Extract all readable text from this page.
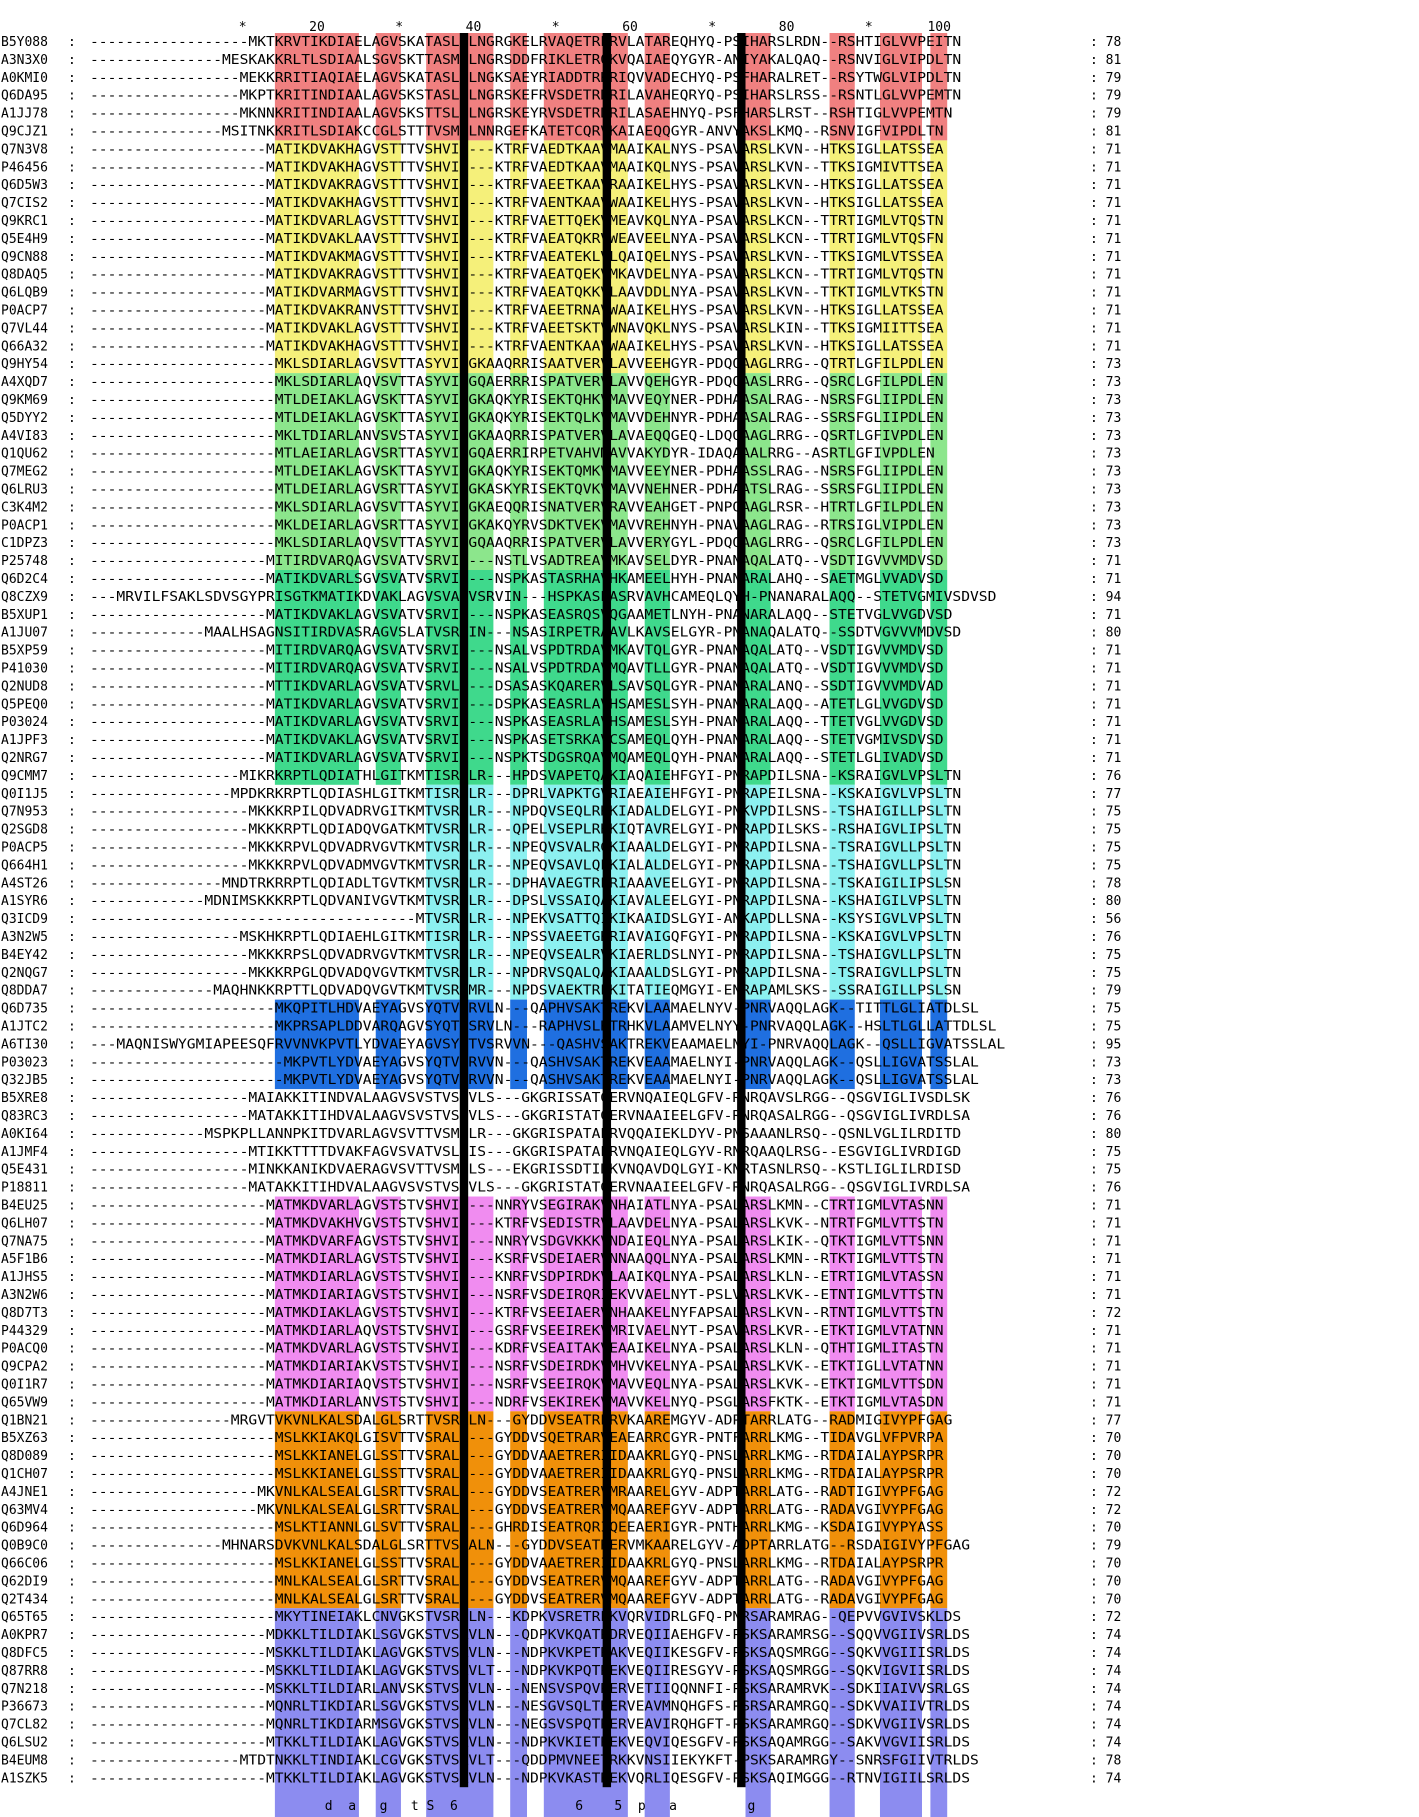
*        20         *        40         *        60         *        80         *       100
B5Y088 : ------------------MKTKRVTIKDIAELAGVSKATASLVLNGRGKELRVAQETRERVLATAREQHYQ-PSIHARSLRDN--RSHTIGLVVPEITN	: 78
A3N3X0 : ---------------MESKAKKRLTLSDIAALSGVSKTTASMILNGRSDDFRIKLETRQKVQAIAEQYGYR-ANIYAKALQAQ--RSNVIGLVIPDLTN	: 81
A0KMI0 : -----------------MEKKRRITIAQIAELAGVSKATASLVLNGKSAEYRIADDTRKRIQVVADECHYQ-PSFHARALRET--RSYTWGLVIPDLTN	: 79
Q6DA95 : -----------------MKPTKRITINDIAALAGVSKSTASLVLNGRSKEFRVSDETRDRILAVAHEQRYQ-PSIHARSLRSS--RSNTLGLVVPEMTN	: 79
A1JJ78 : -----------------MKNNKRITINDIAALAGVSKSTTSLVLNGRSKEYRVSDETRDRILASAEHNYQ-PSFHARSLRST--RSHTIGLVVPEMTN	: 79
Q9CJZ1 : ---------------MSITNKKRITLSDIAKCCGLSTTTVSMILNNRGEFKATETCQRVKAIAEQQGYR-ANVYAKSLKMQ--RSNVIGFVIPDLTN	: 81
Q7N3V8 : --------------------MATIKDVAKHAGVSTTTVSHVIN---KTRFVAEDTKAAVMAAIKALNYS-PSAVARSLKVN--HTKSIGLLATSSEA	: 71
P46456 : --------------------MATIKDVAKHAGVSTTTVSHVIN---KTRFVAEDTKAAVMAAIKQLNYS-PSAVARSLKVN--TTKSIGMIVTTSEA	: 71
Q6D5W3 : --------------------MATIKDVAKRAGVSTTTVSHVIN---KTRFVAEETKAAVRAAIKELHYS-PSAVARSLKVN--HTKSIGLLATSSEA	: 71
Q7CIS2 : --------------------MATIKDVAKHAGVSTTTVSHVIN---KTRFVAENTKAAVWAAIKELHYS-PSAVARSLKVN--HTKSIGLLATSSEA	: 71
Q9KRC1 : --------------------MATIKDVARLAGVSTTTVSHVIN---KTRFVAETTQEKVMEAVKQLNYA-PSAVARSLKCN--TTRTIGMLVTQSTN	: 71
Q5E4H9 : --------------------MATIKDVAKLAAVSTTTVSHVIN---KTRFVAEATQKRVWEAVEELNYA-PSAVARSLKCN--TTRTIGMLVTQSFN	: 71
Q9CN88 : --------------------MATIKDVAKMAGVSTTTVSHVIN---KTRFVAEATEKLVLQAIQELNYS-PSAVARSLKVN--TTKSIGMLVTSSEA	: 71
Q8DAQ5 : --------------------MATIKDVAKRAGVSTTTVSHVIN---KTRFVAEATQEKVMKAVDELNYA-PSAVARSLKCN--TTRTIGMLVTQSTN	: 71
Q6LQB9 : --------------------MATIKDVARMAGVSTTTVSHVIN---KTRFVAEATQKKVLAAVDDLNYA-PSAVARSLKVN--TTKTIGMLVTKSTN	: 71
P0ACP7 : --------------------MATIKDVAKRANVSTTTVSHVIN---KTRFVAEETRNAVWAAIKELHYS-PSAVARSLKVN--HTKSIGLLATSSEA	: 71
Q7VL44 : --------------------MATIKDVAKLAGVSTTTVSHVIN---KTRFVAEETSKTVWNAVQKLNYS-PSAVARSLKIN--TTKSIGMIITTSEA	: 71
Q66A32 : --------------------MATIKDVAKHAGVSTTTVSHVIN---KTRFVAENTKAAVWAAIKELHYS-PSAVARSLKVN--HTKSIGLLATSSEA	: 71
Q9HY54 : ---------------------MKLSDIARLAGVSVTTASYVINGKAAQRRISAATVERVLAVVEEHGYR-PDQQAAGLRRG--QTRTLGFILPDLEN	: 73
A4XQD7 : ---------------------MKLSDIARLAQVSVTTASYVINGQAERRRISPATVERVLAVVQEHGYR-PDQQAASLRRG--QSRCLGFILPDLEN	: 73
Q9KM69 : ---------------------MTLDEIAKLAGVSKTTASYVINGKAQKYRISEKTQHKVMAVVEQYNER-PDHAASALRAG--NSRSFGLIIPDLEN	: 73
Q5DYY2 : ---------------------MTLDEIAKLAGVSKTTASYVINGKAQKYRISEKTQLKVMAVVDEHNYR-PDHAASALRAG--SSRSFGLIIPDLEN	: 73
A4VI83 : ---------------------MKLTDIARLANVSVSTASYVINGKAAQRRISPATVERVLAVAEQQGEQ-LDQQAAGLRRG--QSRTLGFIVPDLEN	: 73
Q1QU62 : ---------------------MTLAEIARLAGVSRTTASYVINGQAERRIRPETVAHVMAVVAKYDYR-IDAQAAALRRG--ASRTLGFIVPDLEN	: 73
Q7MEG2 : ---------------------MTLDEIAKLAGVSKTTASYVINGKAQKYRISEKTQMKVMAVVEEYNER-PDHAASSLRAG--NSRSFGLIIPDLEN	: 73
Q6LRU3 : ---------------------MTLDEIARLAGVSRTTASYVINGKASKYRISEKTQVKVMAVVNEHNER-PDHAATSLRAG--SSRSFGLIIPDLEN	: 73
C3K4M2 : ---------------------MKLSDIARLAGVSVTTASYVINGKAEQQRISNATVERVRAVVEAHGET-PNPQAAGLRSR--HTRTLGFILPDLEN	: 73
P0ACP1 : ---------------------MKLDEIARLAGVSRTTASYVINGKAKQYRVSDKTVEKVMAVVREHNYH-PNAVAAGLRAG--RTRSIGLVIPDLEN	: 73
C1DPZ3 : ---------------------MKLSDIARLAQVSVTTASYVINGQAAQRRISPATVERVLAVVERYGYL-PDQQAAGLRRG--QSRCLGFILPDLEN	: 73
P25748 : --------------------MITIRDVARQAGVSVATVSRVIN---NSTLVSADTREAVMKAVSELDYR-PNANAQALATQ--VSDTIGVVVMDVSD	: 71
Q6D2C4 : --------------------MATIKDVARLSGVSVATVSRVIN---NSPKASTASRHAVHKAMEELHYH-PNANARALAHQ--SAETMGLVVADVSD	: 71
Q8CZX9 : ---MRVILFSAKLSDVSGYPRISGTKMATIKDVAKLAGVSVATVSRVIN---HSPKASEASRVAVHCAMEQLQYH-PNANARALAQQ--STETVGMIVSDVSD	: 94
B5XUP1 : --------------------MATIKDVAKLAGVSVATVSRVIN---NSPKASEASRQSVQGAAMETLNYH-PNANARALAQQ--STETVGLVVGDVSD	: 71
A1JU07 : -------------MAALHSAGNSITIRDVASRAGVSLATVSRVIN---NSASIRPETRAAVLKAVSELGYR-PNANAQALATQ--SSDTVGVVVMDVSD	: 80
B5XP59 : --------------------MITIRDVARQAGVSVATVSRVIN---NSALVSPDTRDAVMKAVTQLGYR-PNANAQALATQ--VSDTIGVVVMDVSD	: 71
P41030 : --------------------MITIRDVARQAGVSVATVSRVIN---NSALVSPDTRDAVMQAVTLLGYR-PNANAQALATQ--VSDTIGVVVMDVSD	: 71
Q2NUD8 : --------------------MTTIKDVARLAGVSVATVSRVLS---DSASASKQARERVLSAVSQLGYR-PNANARALANQ--SSDTIGVVVMDVAD	: 71
Q5PEQ0 : --------------------MATIKDVARLAGVSVATVSRVIN---DSPKASEASRLAVHSAMESLSYH-PNANARALAQQ--ATETLGLVVGDVSD	: 71
P03024 : --------------------MATIKDVARLAGVSVATVSRVIN---NSPKASEASRLAVHSAMESLSYH-PNANARALAQQ--TTETVGLVVGDVSD	: 71
A1JPF3 : --------------------MATIKDVAKLAGVSVATVSRVIN---NSPKASETSRKAVCSAMEQLQYH-PNANARALAQQ--STETVGMIVSDVSD	: 71
Q2NRG7 : --------------------MATIKDVARLAGVSVATVSRVIN---NSPKTSDGSRQAVMQAMEQLQYH-PNANARALAQQ--STETLGLIVADVSD	: 71
Q9CMM7 : -----------------MIKRKRPTLQDIATHLGITKMTISRYLR---HPDSVAPETQAKIAQAIEHFGYI-PNRAPDILSNA--KSRAIGVLVPSLTN	: 76
Q0I1J5 : ----------------MPDKRKRPTLQDIASHLGITKMTISRYLR---DPRLVAPKTGVRIAEAIEHFGYI-PNRAPEILSNA--KSKAIGVLVPSLTN	: 77
Q7N953 : ------------------MKKKRPILQDVADRVGITKMTVSRYLR---NPDQVSEQLRKKIADALDELGYI-PNKVPDILSNS--TSHAIGILLPSLTN	: 75
Q2SGD8 : ------------------MKKKRPTLQDIADQVGATKMTVSRCLR---QPELVSEPLRHKIQTAVRELGYI-PNRAPDILSKS--RSHAIGVLIPSLTN	: 75
P0ACP5 : ------------------MKKKRPVLQDVADRVGVTKMTVSRFLR---NPEQVSVALRGKIAAALDELGYI-PNRAPDILSNA--TSRAIGVLLPSLTN	: 75
Q664H1 : ------------------MKKKRPVLQDVADMVGVTKMTVSRYLR---NPEQVSAVLQEKIALALDELGYI-PNRAPDILSNA--TSHAIGVLLPSLTN	: 75
A4ST26 : ---------------MNDTRKRRPTLQDIADLTGVTKMTVSRYLR---DPHAVAEGTRERIAAAVEELGYI-PNRAPDILSNA--TSKAIGILIPSLSN	: 78
A1SYR6 : -------------MDNIMSKKKRPTLQDVANIVGVTKMTVSRYLR---DPSLVSSAIQAKIAVALEELGYI-PNRAPDILSNA--KSHAIGILVPSLTN	: 80
Q3ICD9 : -------------------------------------MTVSRYLR---NPEKVSATTQIKIKAAIDSLGYI-ANKAPDLLSNA--KSYSIGVLVPSLTN	: 56
A3N2W5 : -----------------MSKHKRPTLQDIAEHLGITKMTISRYLR---NPSSVAEETGKRIAVAIGQFGYI-PNRAPDILSNA--KSKAIGVLVPSLTN	: 76
B4EY42 : ------------------MKKKRPSLQDVADRVGVTKMTVSRFLR---NPEQVSEALRVKIAERLDSLNYI-PNRAPDILSNA--TSHAIGVLLPSLTN	: 75
Q2NQG7 : ------------------MKKKRPGLQDVADQVGVTKMTVSRYLR---NPDRVSQALQAKIAAALDSLGYI-PNRAPDILSNA--TSRAIGVLLPSLTN	: 75
Q8DDA7 : --------------MAQHNKKRPTTLQDVADQVGVTKMTVSRYMR---NPDSVAEKTREKITATIEQMGYI-ENRAPAMLSKS--SSRAIGILLPSLSN	: 79
Q6D735 : ---------------------MKQPITLHDVAEYAGVSYQTVSRVLN---QAPHVSAKTREKVLAAMAELNYV-PNRVAQQLAGK--TITTLGLIATDLSL	: 75
A1JTC2 : ---------------------MKPRSAPLDDVARQAGVSYQTVSRVLN---RAPHVSLKTRHKVLAAMVELNYY-PNRVAQQLAGK--HSLTLGLLATTDLSL	: 75
A6TI30 : ---MAQNISWYGMIAPEESQFRVVNVKPVTLYDVAEYAGVSYQTVSRVVN---QASHVSAKTREKVEAAMAELNYI-PNRVAQQLAGK--QSLLIGVATSSLAL	: 95
P03023 : ----------------------MKPVTLYDVAEYAGVSYQTVSRVVN---QASHVSAKTREKVEAAMAELNYI-PNRVAQQLAGK--QSLLIGVATSSLAL	: 73
Q32JB5 : ----------------------MKPVTLYDVAEYAGVSYQTVSRVVN---QASHVSAKTREKVEAAMAELNYI-PNRVAQQLAGK--QSLLIGVATSSLAL	: 73
B5XRE8 : ------------------MAIAKKITINDVALAAGVSVSTVSLVLS---GKGRISSATGERVNQAIEQLGFV-RNRQAVSLRGG--QSGVIGLIVSDLSK	: 76
Q83RC3 : ------------------MATAKKITIHDVALAAGVSVSTVSLVLS---GKGRISTATGERVNAAIEELGFV-RNRQASALRGG--QSGVIGLIVRDLSA	: 76
A0KI64 : -------------MSPKPLLANNPKITDVARLAGVSVTTVSMVLR---GKGRISPATAERVQQAIEKLDYV-PNSAAANLRSQ--QSNLVGLILRDITD	: 80
A1JMF4 : ------------------MTIKKTTTTDVAKFAGVSVATVSLAIS---GKGRISPATAERVNQAIEQLGYV-RNRQAAQLRSG--ESGVIGLIVRDIGD	: 75
Q5E431 : ------------------MINKKANIKDVAERAGVSVTTVSMVLS---EKGRISSDTIDKVNQAVDQLGYI-KNRTASNLRSQ--KSTLIGLILRDISD	: 75
P18811 : ------------------MATAKKITIHDVALAAGVSVSTVSLVLS---GKGRISTATGERVNAAIEELGFV-RNRQASALRGG--QSGVIGLIVRDLSA	: 76
B4EU25 : --------------------MATMKDVARLAGVSTSTVSHVIN---NNRYVSEGIRAKVNHAIATLNYA-PSALARSLKMN--CTRTIGMLVTASNN	: 71
Q6LH07 : --------------------MATMKDVAKHVGVSTSTVSHVIN---KTRFVSEDISTRVLAAVDELNYA-PSALARSLKVK--NTRTFGMLVTTSTN	: 71
Q7NA75 : --------------------MATMKDVARFAGVSTSTVSHVIN---NNRYVSDGVKKKVNDAIEQLNYA-PSALARSLKIK--QTKTIGMLVTTSNN	: 71
A5F1B6 : --------------------MATMKDIARLAGVSTSTVSHVIN---KSRFVSDEIAERVNNAAQQLNYA-PSALARSLKMN--RTKTIGMLVTTSTN	: 71
A1JHS5 : --------------------MATMKDIARLAGVSTSTVSHVIN---KNRFVSDPIRDKVLAAIKQLNYA-PSALARSLKLN--ETRTIGMLVTASSN	: 71
A3N2W6 : --------------------MATMKDIARIAGVSTSTVSHVIN---NSRFVSDEIRQRIEKVVAELNYT-PSLVARSLKVK--ETNTIGMLVTTSTN	: 71
Q8D7T3 : --------------------MATMKDIAKLAGVSTSTVSHVIN---KTRFVSEEIAERVNHAAKELNYFAPSALARSLKVN--RTNTIGMLVTTSTN	: 72
P44329 : --------------------MATMKDIARLAQVSTSTVSHVIN---GSRFVSEEIREKVMRIVAELNYT-PSAVARSLKVR--ETKTIGMLVTATNN	: 71
P0ACQ0 : --------------------MATMKDVARLAGVSTSTVSHVIN---KDRFVSEAITAKVEAAIKELNYA-PSALARSLKLN--QTHTIGMLITASTN	: 71
Q9CPA2 : --------------------MATMKDIARIAKVSTSTVSHVIN---NSRFVSDEIRDKVMHVVKELNYA-PSALARSLKVK--ETKTIGLLVTATNN	: 71
Q0I1R7 : --------------------MATMKDIARIAQVSTSTVSHVIN---NSRFVSEEIRQKVMAVVEQLNYA-PSALARSLKVK--ETKTIGMLVTTSDN	: 71
Q65VW9 : --------------------MATMKDIARLANVSTSTVSHVIN---NDRFVSEKIREKVMAVVKELNYQ-PSGLARSFKTK--ETKTIGMLVTASDN	: 71
Q1BN21 : ----------------MRGVTVKVNLKALSDALGLSRTTVSRALN---GYDDVSEATRERVKAAREMGYV-ADPTARRLATG--RADMIGIVYPFGAG	: 77
B5XZ63 : ---------------------MSLKKIAKQLGISVTTVSRALN---GYDDVSQETRARVEAEARRCGYR-PNTFARRLKMG--TIDAVGLVFPVRPA	: 70
Q8D089 : ---------------------MSLKKIANELGLSSTTVSRALN---GYDDVAAETRERIIDAAKRLGYQ-PNSLARRLKMG--RTDAIALAYPSRPR	: 70
Q1CH07 : ---------------------MSLKKIANELGLSSTTVSRALN---GYDDVAAETRERIIDAAKRLGYQ-PNSLARRLKMG--RTDAIALAYPSRPR	: 70
A4JNE1 : -------------------MKVNLKALSEALGLSRTTVSRALN---GYDDVSEATRERVMRAARELGYV-ADPTARRLATG--RADTIGIVYPFGAG	: 72
Q63MV4 : -------------------MKVNLKALSEALGLSRTTVSRALN---GYDDVSEATRERVMQAAREFGYV-ADPTARRLATG--RADAVGIVYPFGAG	: 72
Q6D964 : ---------------------MSLKTIANNLGLSVTTVSRALN---GHRDISEATRQRIQEEAERIGYR-PNTHARRLKMG--KSDAIGIVYPYASS	: 70
Q0B9C0 : ---------------MHNARSDVKVNLKALSDALGLSRTTVSRALN---GYDDVSEATRERVMKAARELGYV-ADPTARRLATG--RSDAIGIVYPFGAG	: 79
Q66C06 : ---------------------MSLKKIANELGLSSTTVSRALN---GYDDVAAETRERIIDAAKRLGYQ-PNSLARRLKMG--RTDAIALAYPSRPR	: 70
Q62DI9 : ---------------------MNLKALSEALGLSRTTVSRALN---GYDDVSEATRERVMQAAREFGYV-ADPTARRLATG--RADAVGIVYPFGAG	: 70
Q2T434 : ---------------------MNLKALSEALGLSRTTVSRALN---GYDDVSEATRERVMQAAREFGYV-ADPTARRLATG--RADAVGIVYPFGAG	: 70
Q65T65 : ---------------------MKYTINEIAKLCNVGKSTVSRVLN---KDPKVSRETREKVQRVIDRLGFQ-PNRSARAMRAG--QEPVVGVIVSKLDS	: 72
A0KPR7 : --------------------MDKKLTILDIAKLSGVGKSTVSRVLN---QDPKVKQATRDRVEQIIAEHGFV-PSKSARAMRSG--SQQVVGIIVSRLDS	: 74
Q8DFC5 : --------------------MSKKLTILDIAKLAGVGKSTVSRVLN---NDPKVKPETRAKVEQIIKESGFV-PSKSAQSMRGG--SQKVVGIIISRLDS	: 74
Q87RR8 : --------------------MSKKLTILDIAKLAGVGKSTVSRVLT---NDPKVKPQTREKVEQIIRESGYV-PSKSAQSMRGG--SQKVIGVIISRLDS	: 74
Q7N218 : --------------------MSKKLTILDIARLANVSKSTVSRVLN---NENSVSPQVRERVETIIQQNNFI-PSKSARAMRVK--SDKIIAIVVSRLGS	: 74
P36673 : --------------------MQNRLTIKDIARLSGVGKSTVSRVLN---NESGVSQLTRERVEAVMNQHGFS-PSRSARAMRGQ--SDKVVAIIVTRLDS	: 74
Q7CL82 : --------------------MQNRLTIKDIARMSGVGKSTVSRVLN---NEGSVSPQTRERVEAVIRQHGFT-PSKSARAMRGQ--SDKVVGIIVSRLDS	: 74
Q6LSU2 : --------------------MTKKLTILDIAKLAGVGKSTVSRVLN---NDPKVKIETREKVEQVIQESGFV-PSKSAQAMRGG--SAKVVGVIISRLDS	: 74
B4EUM8 : -----------------MTDTNKKLTINDIAKLCGVGKSTVSRVLT---QDDPMVNEETRKKVNSIIEKYKFT-PSKSARAMRGY--SNRSFGIIVTRLDS	: 78
A1SZK5 : --------------------MTKKLTILDIAKLAGVGKSTVSRVLN---NDPKVKASTREKVQRLIQESGFV-PSKSAQIMGGG--RTNVIGIILSRLDS	: 74
d  a   g   t S  6               6    5  p   a         g
